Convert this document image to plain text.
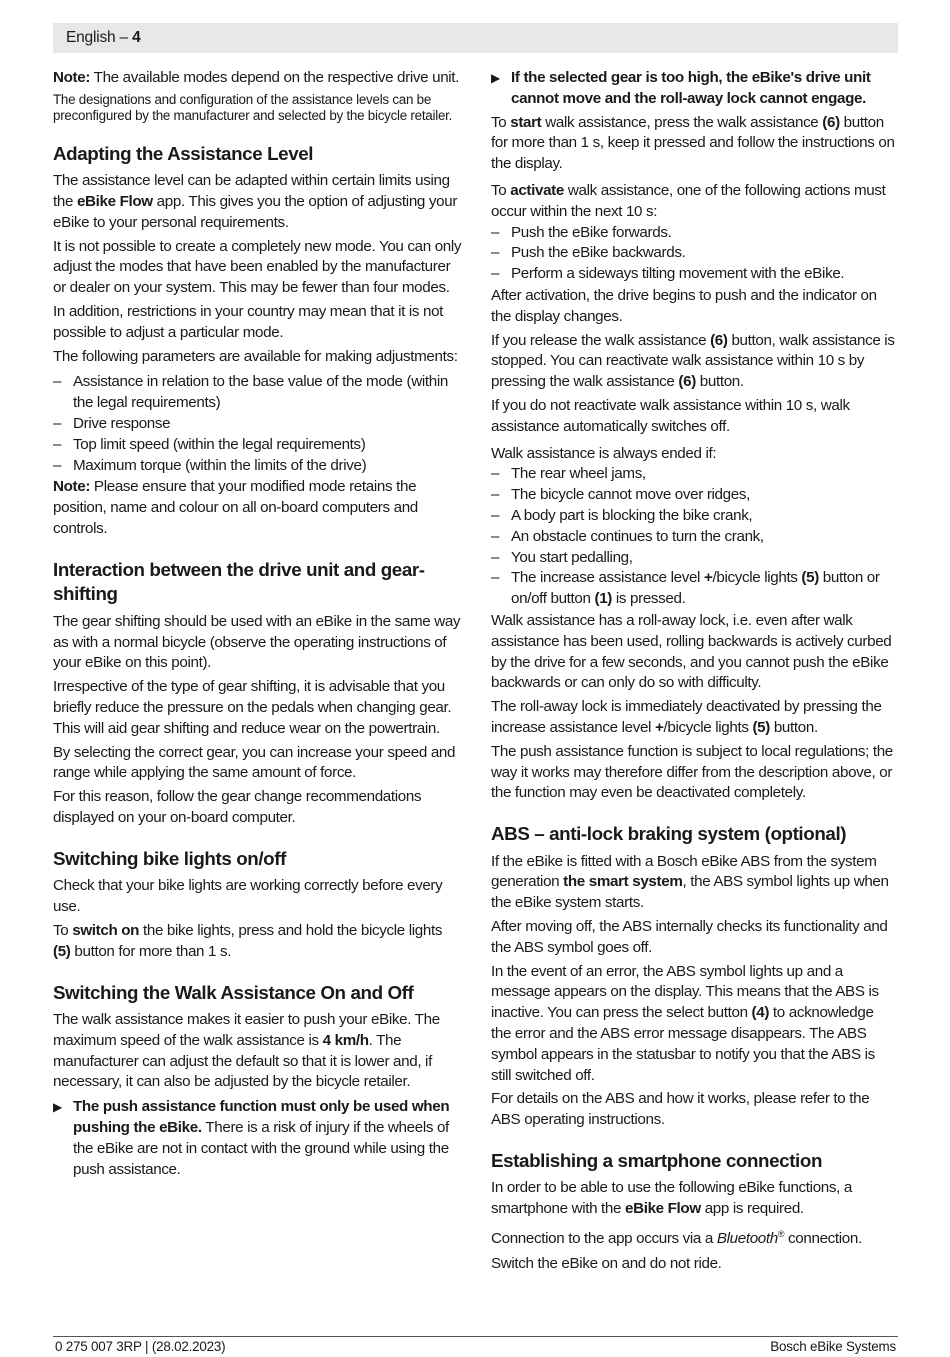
English – 4

Note: The available modes depend on the respective drive unit.

The designations and configuration of the assistance levels can be preconfigured by the manufacturer and selected by the bicycle retailer.

Adapting the Assistance Level

The assistance level can be adapted within certain limits using the eBike Flow app. This gives you the option of adjusting your eBike to your personal requirements.

It is not possible to create a completely new mode. You can only adjust the modes that have been enabled by the manufacturer or dealer on your system. This may be fewer than four modes.

In addition, restrictions in your country may mean that it is not possible to adjust a particular mode.

The following parameters are available for making adjustments:

– Assistance in relation to the base value of the mode (within the legal requirements)
– Drive response
– Top limit speed (within the legal requirements)
– Maximum torque (within the limits of the drive)

Note: Please ensure that your modified mode retains the position, name and colour on all on-board computers and controls.

Interaction between the drive unit and gear-shifting

The gear shifting should be used with an eBike in the same way as with a normal bicycle (observe the operating instructions of your eBike on this point).

Irrespective of the type of gear shifting, it is advisable that you briefly reduce the pressure on the pedals when changing gear. This will aid gear shifting and reduce wear on the powertrain.

By selecting the correct gear, you can increase your speed and range while applying the same amount of force.

For this reason, follow the gear change recommendations displayed on your on-board computer.

Switching bike lights on/off

Check that your bike lights are working correctly before every use.

To switch on the bike lights, press and hold the bicycle lights (5) button for more than 1 s.

Switching the Walk Assistance On and Off

The walk assistance makes it easier to push your eBike. The maximum speed of the walk assistance is 4 km/h. The manufacturer can adjust the default so that it is lower and, if necessary, it can also be adjusted by the bicycle retailer.

▶ The push assistance function must only be used when pushing the eBike. There is a risk of injury if the wheels of the eBike are not in contact with the ground while using the push assistance.
▶ If the selected gear is too high, the eBike's drive unit cannot move and the roll-away lock cannot engage.

To start walk assistance, press the walk assistance (6) button for more than 1 s, keep it pressed and follow the instructions on the display.

To activate walk assistance, one of the following actions must occur within the next 10 s:

– Push the eBike forwards.
– Push the eBike backwards.
– Perform a sideways tilting movement with the eBike.

After activation, the drive begins to push and the indicator on the display changes.

If you release the walk assistance (6) button, walk assistance is stopped. You can reactivate walk assistance within 10 s by pressing the walk assistance (6) button.

If you do not reactivate walk assistance within 10 s, walk assistance automatically switches off.

Walk assistance is always ended if:

– The rear wheel jams,
– The bicycle cannot move over ridges,
– A body part is blocking the bike crank,
– An obstacle continues to turn the crank,
– You start pedalling,
– The increase assistance level +/bicycle lights (5) button or on/off button (1) is pressed.

Walk assistance has a roll-away lock, i.e. even after walk assistance has been used, rolling backwards is actively curbed by the drive for a few seconds, and you cannot push the eBike backwards or can only do so with difficulty.

The roll-away lock is immediately deactivated by pressing the increase assistance level +/bicycle lights (5) button.

The push assistance function is subject to local regulations; the way it works may therefore differ from the description above, or the function may even be deactivated completely.

ABS – anti-lock braking system (optional)

If the eBike is fitted with a Bosch eBike ABS from the system generation the smart system, the ABS symbol lights up when the eBike system starts.

After moving off, the ABS internally checks its functionality and the ABS symbol goes off.

In the event of an error, the ABS symbol lights up and a message appears on the display. This means that the ABS is inactive. You can press the select button (4) to acknowledge the error and the ABS error message disappears. The ABS symbol appears in the statusbar to notify you that the ABS is still switched off.

For details on the ABS and how it works, please refer to the ABS operating instructions.

Establishing a smartphone connection

In order to be able to use the following eBike functions, a smartphone with the eBike Flow app is required.

Connection to the app occurs via a Bluetooth® connection.

Switch the eBike on and do not ride.

0 275 007 3RP | (28.02.2023)	Bosch eBike Systems
